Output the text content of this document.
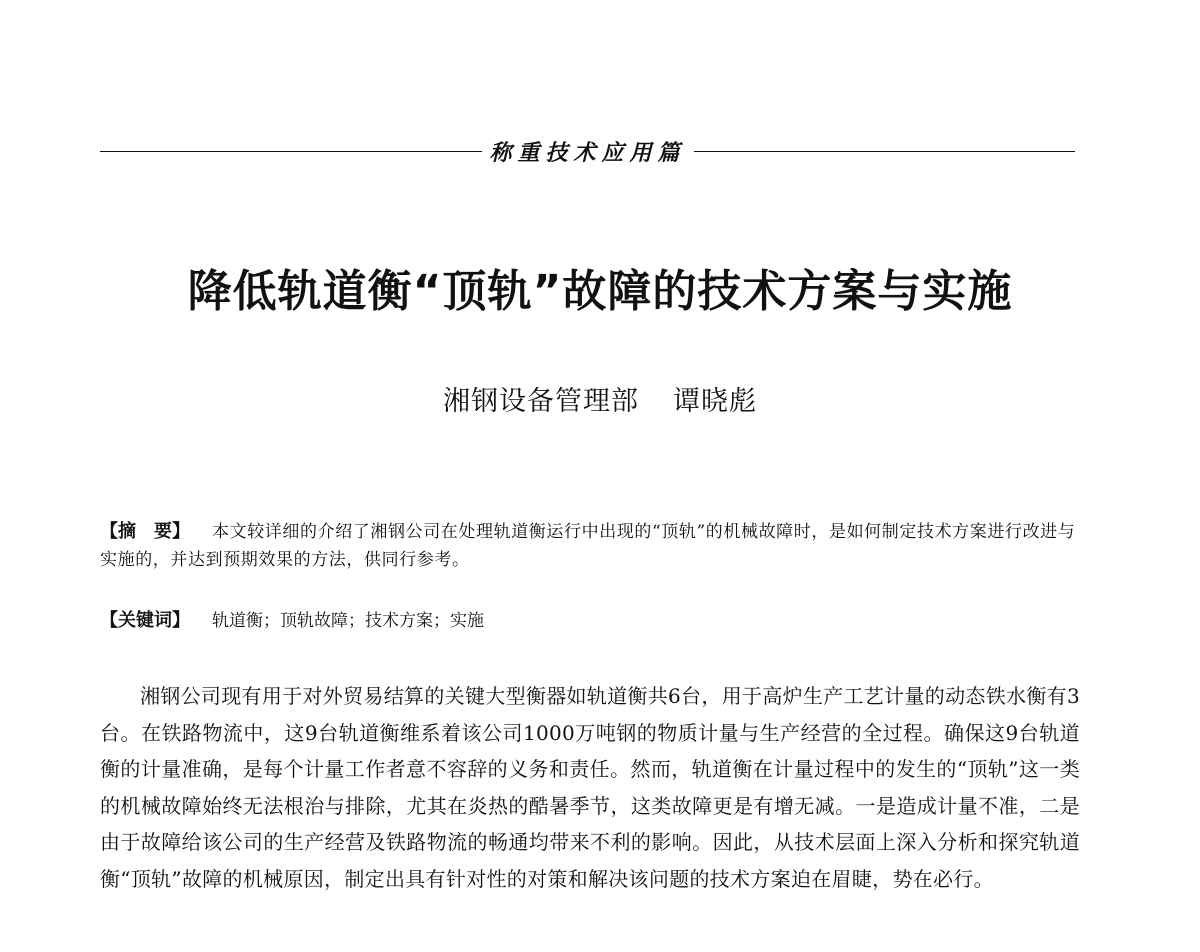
称重技术应用篇
降低轨道衡“顶轨”故障的技术方案与实施
湘钢设备管理部 谭晓彪
【摘　要】 本文较详细的介绍了湘钢公司在处理轨道衡运行中出现的“顶轨”的机械故障时，是如何制定技术方案进行改进与实施的，并达到预期效果的方法，供同行参考。
【关键词】 轨道衡；顶轨故障；技术方案；实施

湘钢公司现有用于对外贸易结算的关键大型衡器如轨道衡共6台，用于高炉生产工艺计量的动态铁水衡有3台。在铁路物流中，这9台轨道衡维系着该公司1000万吨钢的物质计量与生产经营的全过程。确保这9台轨道衡的计量准确，是每个计量工作者意不容辞的义务和责任。然而，轨道衡在计量过程中的发生的“顶轨”这一类的机械故障始终无法根治与排除，尤其在炎热的酷暑季节，这类故障更是有增无减。一是造成计量不准，二是由于故障给该公司的生产经营及铁路物流的畅通均带来不利的影响。因此，从技术层面上深入分析和探究轨道衡“顶轨”故障的机械原因，制定出具有针对性的对策和解决该问题的技术方案迫在眉睫，势在必行。
